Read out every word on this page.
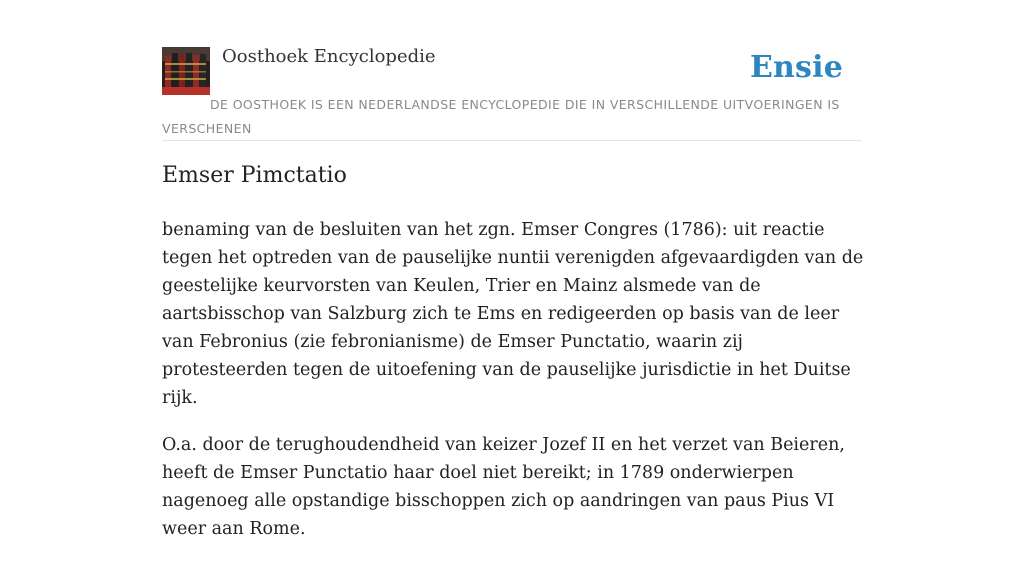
Oosthoek Encyclopedie	Ensie
DE OOSTHOEK IS EEN NEDERLANDSE ENCYCLOPEDIE DIE IN VERSCHILLENDE UITVOERINGEN IS VERSCHENEN
Emser Pimctatio

benaming van de besluiten van het zgn. Emser Congres (1786): uit reactie tegen het optreden van de pauselijke nuntii verenigden afgevaardigden van de geestelijke keurvorsten van Keulen, Trier en Mainz alsmede van de aartsbisschop van Salzburg zich te Ems en redigeerden op basis van de leer van Febronius (zie febronianisme) de Emser Punctatio, waarin zij protesteerden tegen de uitoefening van de pauselijke jurisdictie in het Duitse rijk.

O.a. door de terughoudendheid van keizer Jozef II en het verzet van Beieren, heeft de Emser Punctatio haar doel niet bereikt; in 1789 onderwierpen nagenoeg alle opstandige bisschoppen zich op aandringen van paus Pius VI weer aan Rome.
